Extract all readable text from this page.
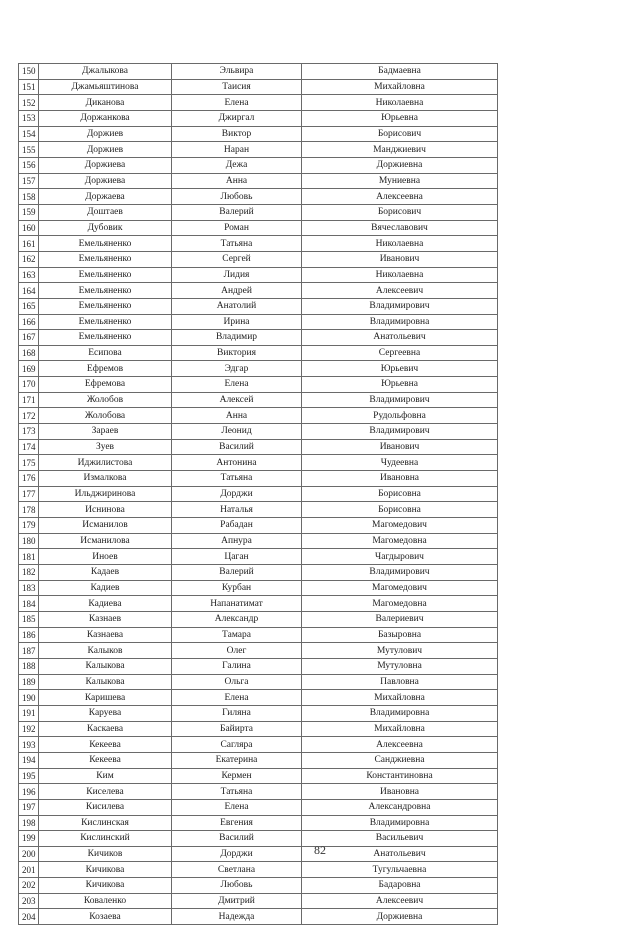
150	Джалыкова	Эльвира	Бадмаевна
151	Джамьяштинова	Таисия	Михайловна
152	Диканова	Елена	Николаевна
153	Доржанкова	Джиргал	Юрьевна
154	Доржиев	Виктор	Борисович
155	Доржиев	Наран	Манджиевич
156	Доржиева	Дежа	Доржиевна
157	Доржиева	Анна	Муниевна
158	Доржаева	Любовь	Алексеевна
159	Доштаев	Валерий	Борисович
160	Дубовик	Роман	Вячеславович
161	Емельяненко	Татьяна	Николаевна
162	Емельяненко	Сергей	Иванович
163	Емельяненко	Лидия	Николаевна
164	Емельяненко	Андрей	Алексеевич
165	Емельяненко	Анатолий	Владимирович
166	Емельяненко	Ирина	Владимировна
167	Емельяненко	Владимир	Анатольевич
168	Есипова	Виктория	Сергеевна
169	Ефремов	Эдгар	Юрьевич
170	Ефремова	Елена	Юрьевна
171	Жолобов	Алексей	Владимирович
172	Жолобова	Анна	Рудольфовна
173	Зараев	Леонид	Владимирович
174	Зуев	Василий	Иванович
175	Иджилистова	Антонина	Чудеевна
176	Измалкова	Татьяна	Ивановна
177	Ильджиринова	Дорджи	Борисовна
178	Иснинова	Наталья	Борисовна
179	Исманилов	Рабадан	Магомедович
180	Исманилова	Апнура	Магомедовна
181	Иноев	Цаган	Чагдырович
182	Кадаев	Валерий	Владимирович
183	Кадиев	Курбан	Магомедович
184	Кадиева	Напанатимат	Магомедовна
185	Казнаев	Александр	Валериевич
186	Казнаева	Тамара	Базыровна
187	Калыков	Олег	Мутулович
188	Калыкова	Галина	Мутуловна
189	Калыкова	Ольга	Павловна
190	Каришева	Елена	Михайловна
191	Каруева	Гиляна	Владимировна
192	Каскаева	Байирта	Михайловна
193	Кекеева	Сагляра	Алексеевна
194	Кекеева	Екатерина	Санджиевна
195	Ким	Кермен	Константиновна
196	Киселева	Татьяна	Ивановна
197	Кисилева	Елена	Александровна
198	Кислинская	Евгения	Владимировна
199	Кислинский	Василий	Васильевич
200	Кичиков	Дорджи	Анатольевич
201	Кичикова	Светлана	Тугульчаевна
202	Кичикова	Любовь	Бадаровна
203	Коваленко	Дмитрий	Алексеевич
204	Козаева	Надежда	Доржиевна
82
